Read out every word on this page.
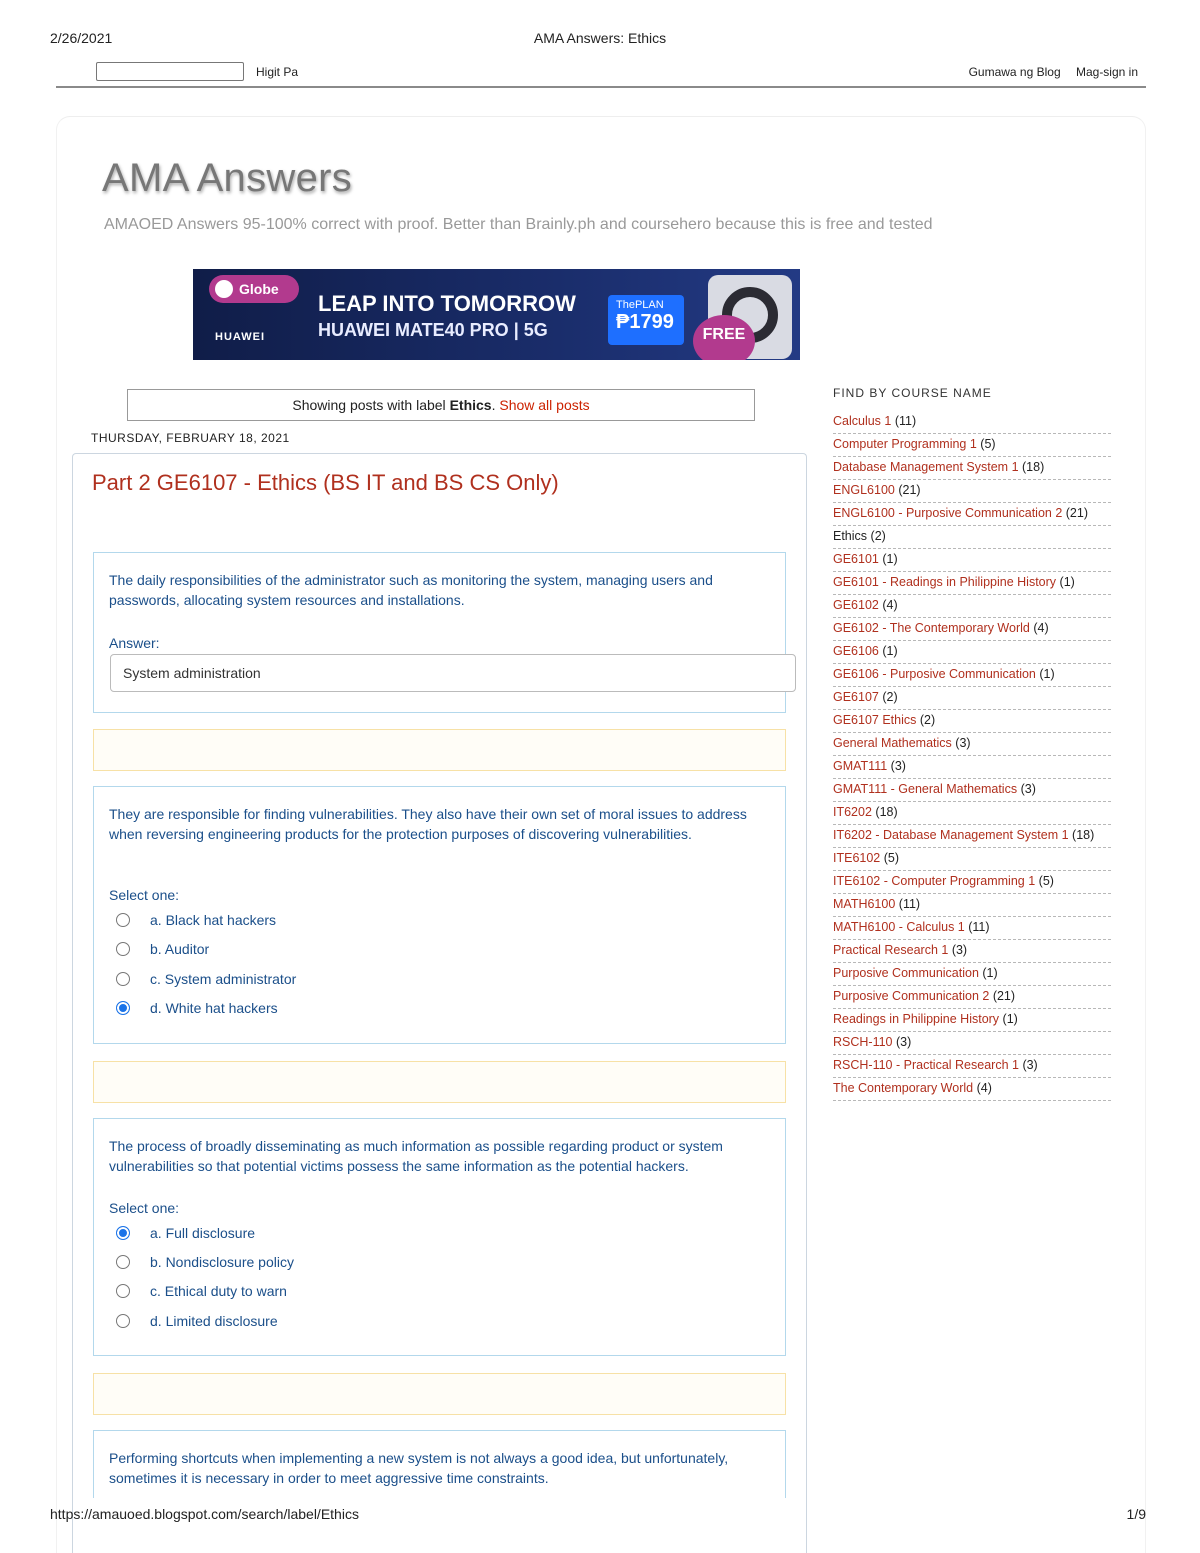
2/26/2021	AMA Answers: Ethics
Higit Pa	Gumawa ng Blog Mag-sign in
AMA Answers
AMAOED Answers 95-100% correct with proof. Better than Brainly.ph and coursehero because this is free and tested
Globe
HUAWEI
LEAP INTO TOMORROW
HUAWEI MATE40 PRO | 5G
ThePLAN
₱1799
FREE
Showing posts with label Ethics. Show all posts
THURSDAY, FEBRUARY 18, 2021
Part 2 GE6107 - Ethics (BS IT and BS CS Only)
The daily responsibilities of the administrator such as monitoring the system, managing users and passwords, allocating system resources and installations.
Answer:
System administration
They are responsible for finding vulnerabilities. They also have their own set of moral issues to address when reversing engineering products for the protection purposes of discovering vulnerabilities.
Select one:
a. Black hat hackers
b. Auditor
c. System administrator
d. White hat hackers
The process of broadly disseminating as much information as possible regarding product or system vulnerabilities so that potential victims possess the same information as the potential hackers.
Select one:
a. Full disclosure
b. Nondisclosure policy
c. Ethical duty to warn
d. Limited disclosure
Performing shortcuts when implementing a new system is not always a good idea, but unfortunately, sometimes it is necessary in order to meet aggressive time constraints.
FIND BY COURSE NAME
Calculus 1 (11)
Computer Programming 1 (5)
Database Management System 1 (18)
ENGL6100 (21)
ENGL6100 - Purposive Communication 2 (21)
Ethics (2)
GE6101 (1)
GE6101 - Readings in Philippine History (1)
GE6102 (4)
GE6102 - The Contemporary World (4)
GE6106 (1)
GE6106 - Purposive Communication (1)
GE6107 (2)
GE6107 Ethics (2)
General Mathematics (3)
GMAT111 (3)
GMAT111 - General Mathematics (3)
IT6202 (18)
IT6202 - Database Management System 1 (18)
ITE6102 (5)
ITE6102 - Computer Programming 1 (5)
MATH6100 (11)
MATH6100 - Calculus 1 (11)
Practical Research 1 (3)
Purposive Communication (1)
Purposive Communication 2 (21)
Readings in Philippine History (1)
RSCH-110 (3)
RSCH-110 - Practical Research 1 (3)
The Contemporary World (4)
https://amauoed.blogspot.com/search/label/Ethics	1/9
